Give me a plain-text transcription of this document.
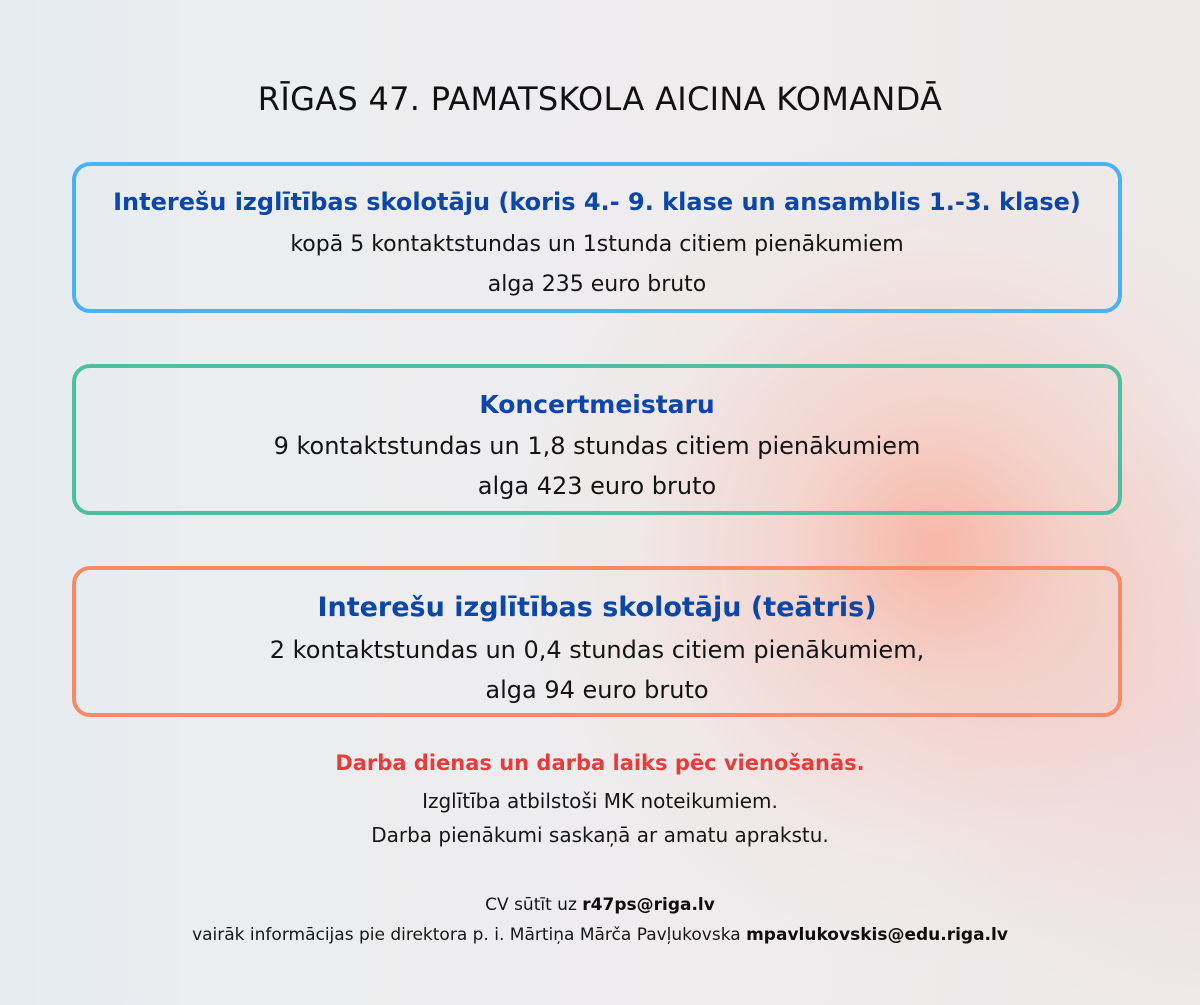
RĪGAS 47. PAMATSKOLA AICINA KOMANDĀ
Interešu izglītības skolotāju (koris 4.- 9. klase un ansamblis 1.-3. klase)
kopā 5 kontaktstundas un 1stunda citiem pienākumiem
alga 235 euro bruto
Koncertmeistaru
9 kontaktstundas un 1,8 stundas citiem pienākumiem
alga 423 euro bruto
Interešu izglītības skolotāju (teātris)
2 kontaktstundas un 0,4 stundas citiem pienākumiem,
alga 94 euro bruto
Darba dienas un darba laiks pēc vienošanās.
Izglītība atbilstoši MK noteikumiem.
Darba pienākumi saskaņā ar amatu aprakstu.
CV sūtīt uz r47ps@riga.lv
vairāk informācijas pie direktora p. i. Mārtiņa Mārča Pavļukovska mpavlukovskis@edu.riga.lv
